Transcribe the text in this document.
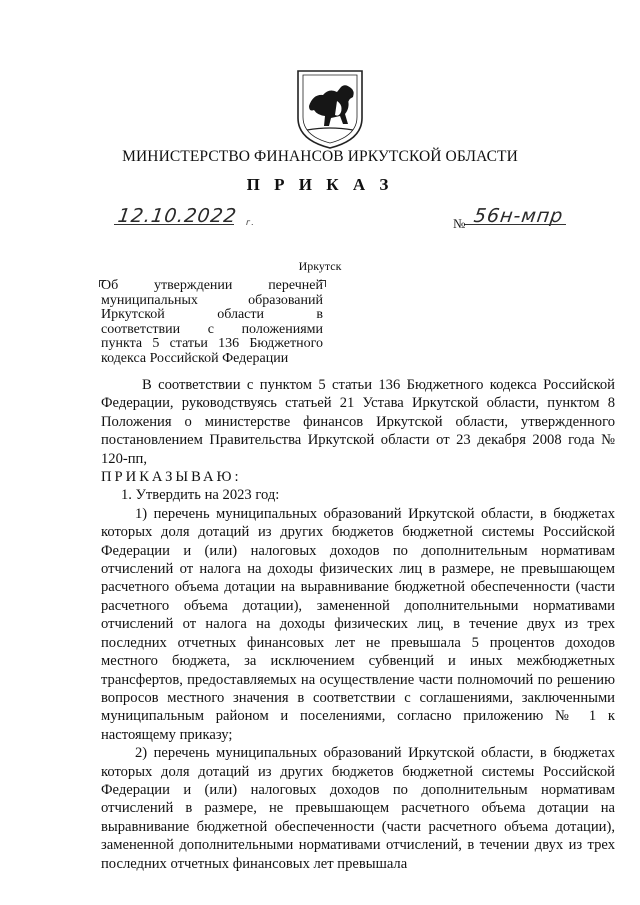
МИНИСТЕРСТВО ФИНАНСОВ ИРКУТСКОЙ ОБЛАСТИ
П Р И К А З
12.10.2022 г.	№ 56н-мпр
Иркутск
Об утверждении перечней
муниципальных образований
Иркутской области в
соответствии с положениями
пункта 5 статьи 136 Бюджетного
кодекса Российской Федерации

В соответствии с пунктом 5 статьи 136 Бюджетного кодекса Российской Федерации, руководствуясь статьей 21 Устава Иркутской области, пунктом 8 Положения о министерстве финансов Иркутской области, утвержденного постановлением Правительства Иркутской области от 23 декабря 2008 года № 120-пп,

ПРИКАЗЫВАЮ:

1. Утвердить на 2023 год:

1) перечень муниципальных образований Иркутской области, в бюджетах которых доля дотаций из других бюджетов бюджетной системы Российской Федерации и (или) налоговых доходов по дополнительным нормативам отчислений от налога на доходы физических лиц в размере, не превышающем расчетного объема дотации на выравнивание бюджетной обеспеченности (части расчетного объема дотации), замененной дополнительными нормативами отчислений от налога на доходы физических лиц, в течение двух из трех последних отчетных финансовых лет не превышала 5 процентов доходов местного бюджета, за исключением субвенций и иных межбюджетных трансфертов, предоставляемых на осуществление части полномочий по решению вопросов местного значения в соответствии с соглашениями, заключенными муниципальным районом и поселениями, согласно приложению № 1 к настоящему приказу;

2) перечень муниципальных образований Иркутской области, в бюджетах которых доля дотаций из других бюджетов бюджетной системы Российской Федерации и (или) налоговых доходов по дополнительным нормативам отчислений в размере, не превышающем расчетного объема дотации на выравнивание бюджетной обеспеченности (части расчетного объема дотации), замененной дополнительными нормативами отчислений, в течении двух из трех последних отчетных финансовых лет превышала
